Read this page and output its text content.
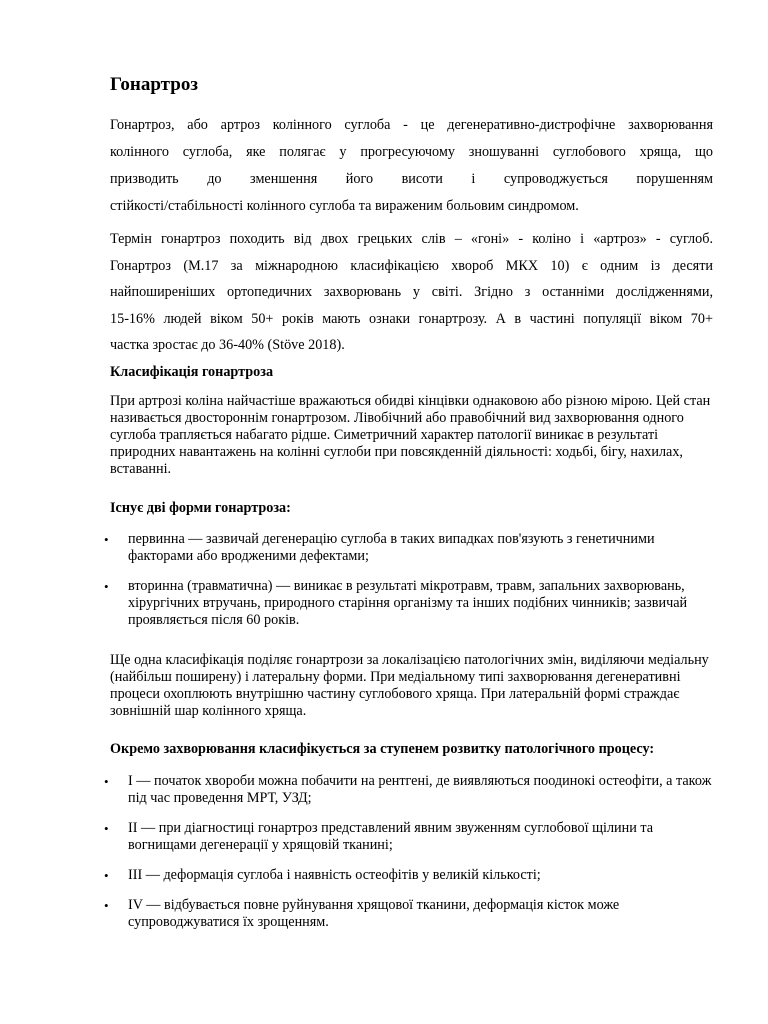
Гонартроз

Гонартроз, або артроз колінного суглоба - це дегенеративно-дистрофічне захворювання
колінного суглоба, яке полягає у прогресуючому зношуванні суглобового хряща, що
призводить до зменшення його висоти і супроводжується порушенням
стійкості/стабільності колінного суглоба та вираженим больовим синдромом.

Термін гонартроз походить від двох грецьких слів – «гоні» - коліно і «артроз» - суглоб.
Гонартроз (M.17 за міжнародною класифікацією хвороб МКХ 10) є одним із десяти
найпоширеніших ортопедичних захворювань у світі. Згідно з останніми дослідженнями,
15-16% людей віком 50+ років мають ознаки гонартрозу. А в частині популяції віком 70+
частка зростає до 36-40% (Stöve 2018).

Класифікація гонартроза

При артрозі коліна найчастіше вражаються обидві кінцівки однаковою або різною мірою. Цей стан називається двостороннім гонартрозом. Лівобічний або правобічний вид захворювання одного суглоба трапляється набагато рідше. Симетричний характер патології виникає в результаті природних навантажень на колінні суглоби при повсякденній діяльності: ходьбі, бігу, нахилах, вставанні.

Існує дві форми гонартроза:
• первинна — зазвичай дегенерацію суглоба в таких випадках пов'язують з генетичними факторами або вродженими дефектами;
• вторинна (травматична) — виникає в результаті мікротравм, травм, запальних захворювань, хірургічних втручань, природного старіння організму та інших подібних чинників; зазвичай проявляється після 60 років.

Ще одна класифікація поділяє гонартрози за локалізацією патологічних змін, виділяючи медіальну (найбільш поширену) і латеральну форми. При медіальному типі захворювання дегенеративні процеси охоплюють внутрішню частину суглобового хряща. При латеральній формі страждає зовнішній шар колінного хряща.

Окремо захворювання класифікується за ступенем розвитку патологічного процесу:
• I — початок хвороби можна побачити на рентгені, де виявляються поодинокі остеофіти, а також під час проведення МРТ, УЗД;
• II — при діагностиці гонартроз представлений явним звуженням суглобової щілини та вогнищами дегенерації у хрящовій тканині;
• III — деформація суглоба і наявність остеофітів у великій кількості;
• IV — відбувається повне руйнування хрящової тканини, деформація кісток може супроводжуватися їх зрощенням.
